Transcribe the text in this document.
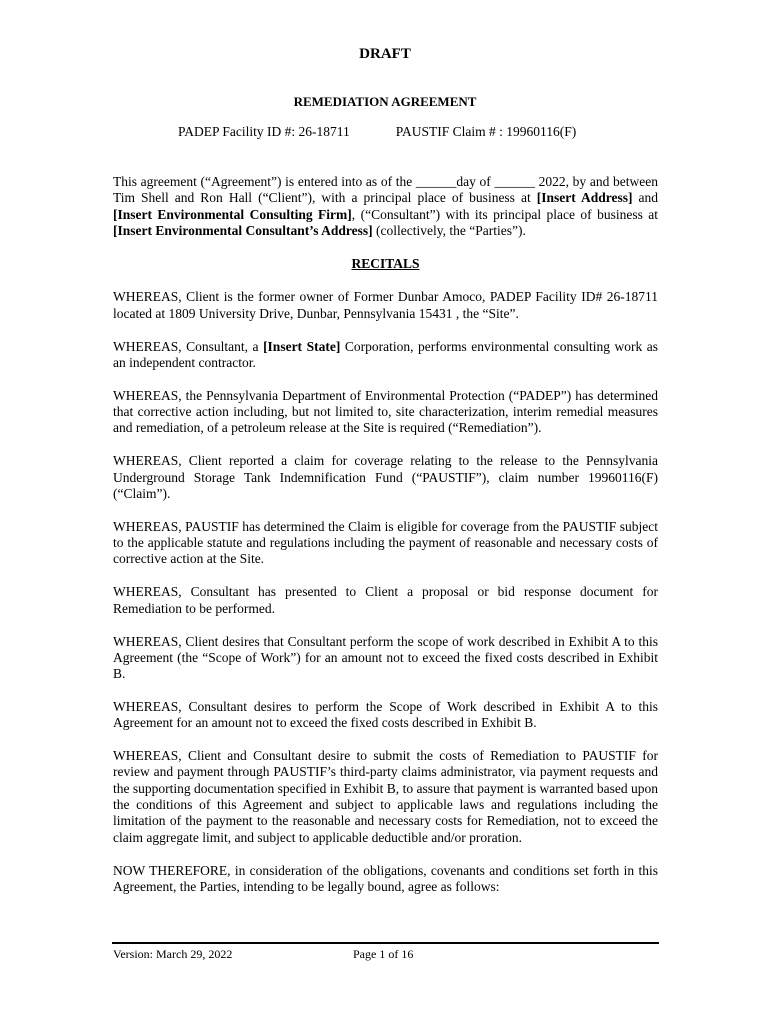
DRAFT
REMEDIATION AGREEMENT
PADEP Facility ID #: 26-18711	PAUSTIF Claim # : 19960116(F)

This agreement (“Agreement”) is entered into as of the ______day of ______ 2022, by and between Tim Shell and Ron Hall (“Client”), with a principal place of business at [Insert Address] and [Insert Environmental Consulting Firm], (“Consultant”) with its principal place of business at [Insert Environmental Consultant’s Address] (collectively, the “Parties”).

RECITALS

WHEREAS, Client is the former owner of Former Dunbar Amoco, PADEP Facility ID# 26-18711 located at 1809 University Drive, Dunbar, Pennsylvania 15431 , the “Site”.

WHEREAS, Consultant, a [Insert State] Corporation, performs environmental consulting work as an independent contractor.

WHEREAS, the Pennsylvania Department of Environmental Protection (“PADEP”) has determined that corrective action including, but not limited to, site characterization, interim remedial measures and remediation, of a petroleum release at the Site is required (“Remediation”).

WHEREAS, Client reported a claim for coverage relating to the release to the Pennsylvania Underground Storage Tank Indemnification Fund (“PAUSTIF”), claim number 19960116(F) (“Claim”).

WHEREAS, PAUSTIF has determined the Claim is eligible for coverage from the PAUSTIF subject to the applicable statute and regulations including the payment of reasonable and necessary costs of corrective action at the Site.

WHEREAS, Consultant has presented to Client a proposal or bid response document for Remediation to be performed.

WHEREAS, Client desires that Consultant perform the scope of work described in Exhibit A to this Agreement (the “Scope of Work”) for an amount not to exceed the fixed costs described in Exhibit B.

WHEREAS, Consultant desires to perform the Scope of Work described in Exhibit A to this Agreement for an amount not to exceed the fixed costs described in Exhibit B.

WHEREAS, Client and Consultant desire to submit the costs of Remediation to PAUSTIF for review and payment through PAUSTIF’s third-party claims administrator, via payment requests and the supporting documentation specified in Exhibit B, to assure that payment is warranted based upon the conditions of this Agreement and subject to applicable laws and regulations including the limitation of the payment to the reasonable and necessary costs for Remediation, not to exceed the claim aggregate limit, and subject to applicable deductible and/or proration.

NOW THEREFORE, in consideration of the obligations, covenants and conditions set forth in this Agreement, the Parties, intending to be legally bound, agree as follows:

Version: March 29, 2022	Page 1 of 16
